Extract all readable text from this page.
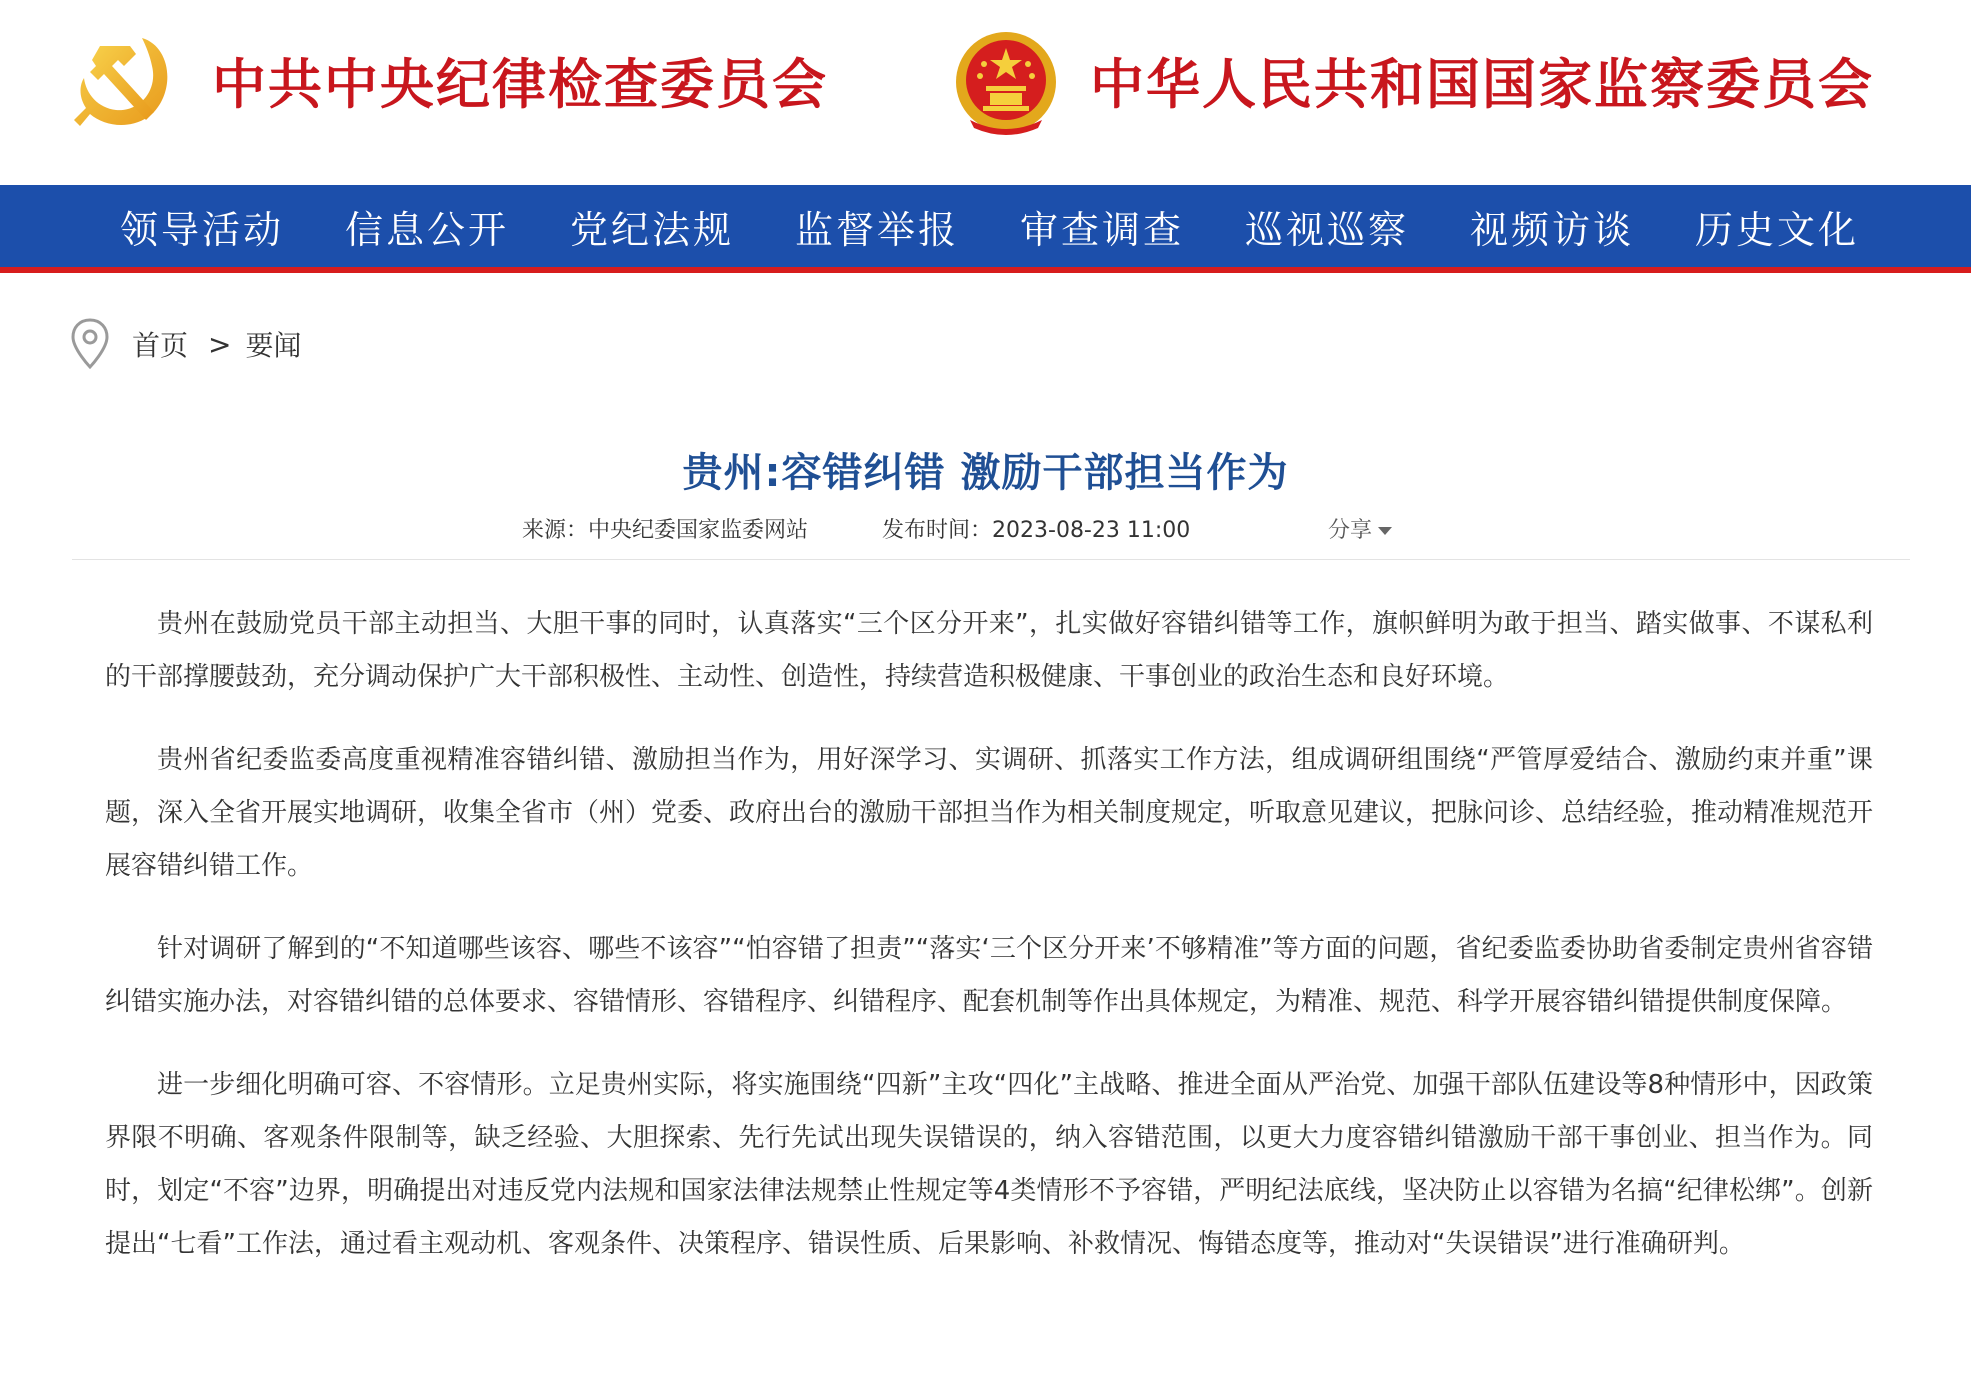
中共中央纪律检查委员会	中华人民共和国国家监察委员会
领导活动	信息公开	党纪法规	监督举报	审查调查	巡视巡察	视频访谈	历史文化
首页 > 要闻
贵州:容错纠错 激励干部担当作为
来源：中央纪委国家监委网站	发布时间：2023-08-23 11:00	分享

贵州在鼓励党员干部主动担当、大胆干事的同时，认真落实“三个区分开来”，扎实做好容错纠错等工作，旗帜鲜明为敢于担当、踏实做事、不谋私利的干部撑腰鼓劲，充分调动保护广大干部积极性、主动性、创造性，持续营造积极健康、干事创业的政治生态和良好环境。

贵州省纪委监委高度重视精准容错纠错、激励担当作为，用好深学习、实调研、抓落实工作方法，组成调研组围绕“严管厚爱结合、激励约束并重”课题，深入全省开展实地调研，收集全省市（州）党委、政府出台的激励干部担当作为相关制度规定，听取意见建议，把脉问诊、总结经验，推动精准规范开展容错纠错工作。

针对调研了解到的“不知道哪些该容、哪些不该容”“怕容错了担责”“落实‘三个区分开来’不够精准”等方面的问题，省纪委监委协助省委制定贵州省容错纠错实施办法，对容错纠错的总体要求、容错情形、容错程序、纠错程序、配套机制等作出具体规定，为精准、规范、科学开展容错纠错提供制度保障。

进一步细化明确可容、不容情形。立足贵州实际，将实施围绕“四新”主攻“四化”主战略、推进全面从严治党、加强干部队伍建设等8种情形中，因政策界限不明确、客观条件限制等，缺乏经验、大胆探索、先行先试出现失误错误的，纳入容错范围，以更大力度容错纠错激励干部干事创业、担当作为。同时，划定“不容”边界，明确提出对违反党内法规和国家法律法规禁止性规定等4类情形不予容错，严明纪法底线，坚决防止以容错为名搞“纪律松绑”。创新提出“七看”工作法，通过看主观动机、客观条件、决策程序、错误性质、后果影响、补救情况、悔错态度等，推动对“失误错误”进行准确研判。
